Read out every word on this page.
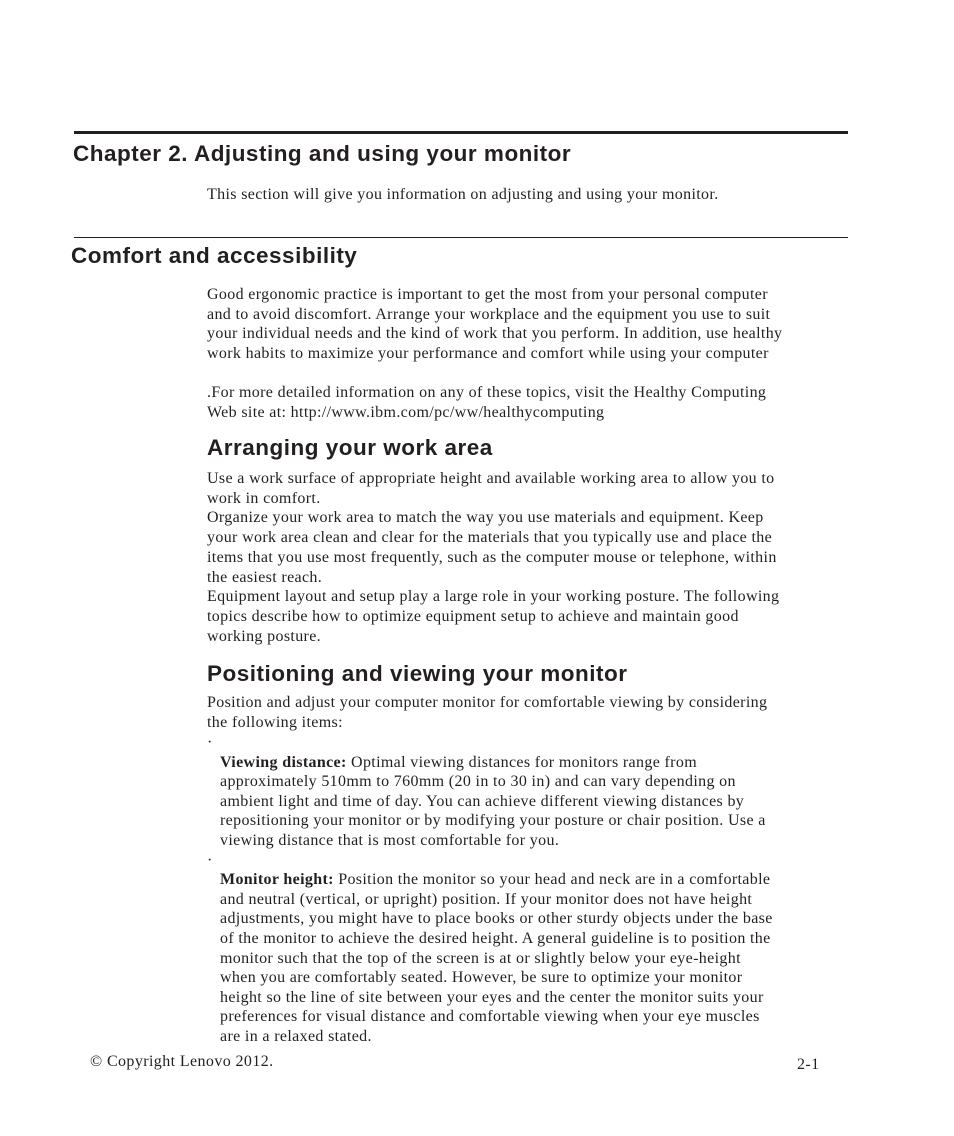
Chapter 2. Adjusting and using your monitor

This section will give you information on adjusting and using your monitor.

Comfort and accessibility

Good ergonomic practice is important to get the most from your personal computer
and to avoid discomfort. Arrange your workplace and the equipment you use to suit
your individual needs and the kind of work that you perform. In addition, use healthy
work habits to maximize your performance and comfort while using your computer

.For more detailed information on any of these topics, visit the Healthy Computing
Web site at: http://www.ibm.com/pc/ww/healthycomputing

Arranging your work area

Use a work surface of appropriate height and available working area to allow you to
work in comfort.
Organize your work area to match the way you use materials and equipment. Keep
your work area clean and clear for the materials that you typically use and place the
items that you use most frequently, such as the computer mouse or telephone, within
the easiest reach.
Equipment layout and setup play a large role in your working posture. The following
topics describe how to optimize equipment setup to achieve and maintain good
working posture.

Positioning and viewing your monitor

Position and adjust your computer monitor for comfortable viewing by considering
the following items:

·
Viewing distance: Optimal viewing distances for monitors range from
approximately 510mm to 760mm (20 in to 30 in) and can vary depending on
ambient light and time of day. You can achieve different viewing distances by
repositioning your monitor or by modifying your posture or chair position. Use a
viewing distance that is most comfortable for you.

·
Monitor height: Position the monitor so your head and neck are in a comfortable
and neutral (vertical, or upright) position. If your monitor does not have height
adjustments, you might have to place books or other sturdy objects under the base
of the monitor to achieve the desired height. A general guideline is to position the
monitor such that the top of the screen is at or slightly below your eye-height
when you are comfortably seated. However, be sure to optimize your monitor
height so the line of site between your eyes and the center the monitor suits your
preferences for visual distance and comfortable viewing when your eye muscles
are in a relaxed stated.

© Copyright Lenovo 2012.	2-1
